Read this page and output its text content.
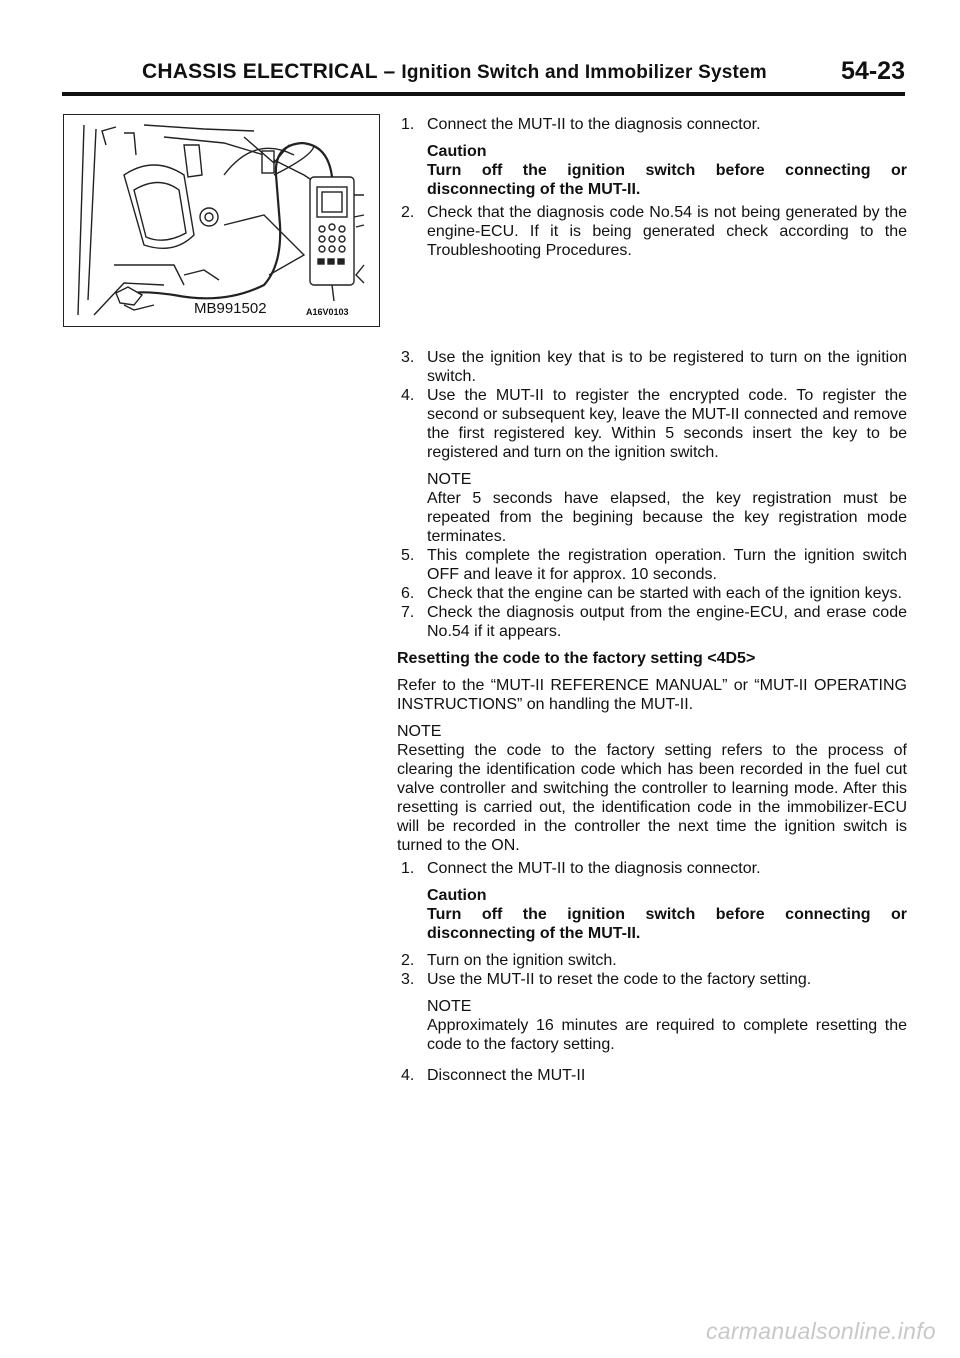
CHASSIS ELECTRICAL – Ignition Switch and Immobilizer System	54-23
MB991502	A16V0103
1. Connect the MUT-II to the diagnosis connector.

Caution

Turn off the ignition switch before connecting or disconnecting of the MUT-II.

2. Check that the diagnosis code No.54 is not being generated by the engine-ECU. If it is being generated check according to the Troubleshooting Procedures.

3. Use the ignition key that is to be registered to turn on the ignition switch.

4. Use the MUT-II to register the encrypted code. To register the second or subsequent key, leave the MUT-II connected and remove the first registered key. Within 5 seconds insert the key to be registered and turn on the ignition switch.

NOTE

After 5 seconds have elapsed, the key registration must be repeated from the begining because the key registration mode terminates.

5. This complete the registration operation. Turn the ignition switch OFF and leave it for approx. 10 seconds.

6. Check that the engine can be started with each of the ignition keys.

7. Check the diagnosis output from the engine-ECU, and erase code No.54 if it appears.

Resetting the code to the factory setting <4D5>

Refer to the “MUT-II REFERENCE MANUAL” or “MUT-II OPERATING INSTRUCTIONS” on handling the MUT-II.

NOTE

Resetting the code to the factory setting refers to the process of clearing the identification code which has been recorded in the fuel cut valve controller and switching the controller to learning mode. After this resetting is carried out, the identification code in the immobilizer-ECU will be recorded in the controller the next time the ignition switch is turned to the ON.

1. Connect the MUT-II to the diagnosis connector.

Caution

Turn off the ignition switch before connecting or disconnecting of the MUT-II.

2. Turn on the ignition switch.

3. Use the MUT-II to reset the code to the factory setting.

NOTE

Approximately 16 minutes are required to complete resetting the code to the factory setting.

4. Disconnect the MUT-II

carmanualsonline.info
